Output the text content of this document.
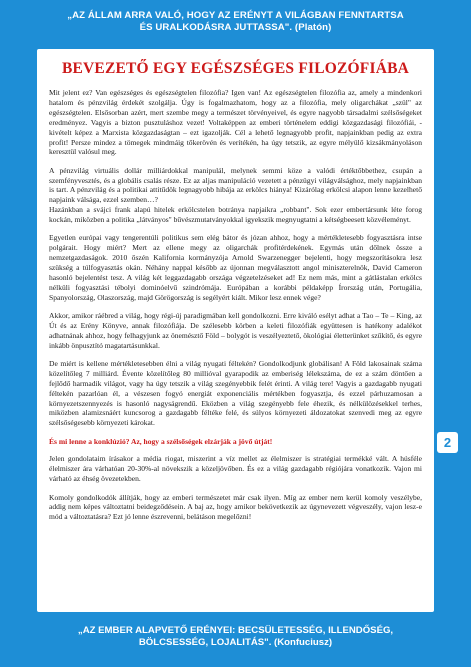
„AZ ÁLLAM ARRA VALÓ, HOGY AZ ERÉNYT A VILÁGBAN FENNTARTSA
ÉS URALKODÁSRA JUTTASSA". (Platón)
BEVEZETŐ EGY EGÉSZSÉGES FILOZÓFIÁBA

Mit jelent ez? Van egészséges és egészségtelen filozófia? Igen van! Az egészségtelen filozófia az, amely a mindenkori hatalom és pénzvilág érdekét szolgálja. Úgy is fogalmazhatom, hogy az a filozófia, mely oligarchákat „szül" az egészségtelen. Elsősorban azért, mert szembe megy a természet törvényeivel, és egyre nagyobb társadalmi szélsőségeket eredményez. Vagyis a bizton pusztuláshoz vezet! Voltaképpen az emberi történelem eddigi közgazdasági filozófiái, - kivételt képez a Marxista közgazdaságtan – ezt igazolják. Cél a lehető legnagyobb profit, napjainkban pedig az extra profit! Persze mindez a tömegek mindmáig tőkerövén és verítékén, ha úgy tetszik, az egyre mélyülő kizsákmányoláson keresztül valósul meg.

A pénzvilág virtuális dollár milliárdokkal manipulál, melynek semmi köze a valódi értéktőbbethez, csupán a szemfényvesztés, és a globális csalás része. Ez az aljas manipuláció vezetett a pénzügyi világválsághoz, mely napjainkban is tart. A pénzvilág és a politikai attitűdök legnagyobb hibája az erkölcs hiánya! Kizárólag erkölcsi alapon lenne kezelhető napjaink válsága, ezzel szemben…?
Hazánkban a svájci frank alapú hitelek erkölcstelen botránya napjaikra „robbant". Sok ezer embertársunk léte forog kockán, miközben a politika „látványos" bűvészmutatványokkal igyekszik megnyugtatni a kétségbeesett közvéleményt.

Egyetlen európai vagy tengerentúli politikus sem elég bátor és józan ahhoz, hogy a mértékletesebb fogyasztásra intse polgárait. Hogy miért? Mert az ellene megy az oligarchák profitérdekének. Egymás után dőlnek össze a nemzetgazdaságok. 2010 őszén Kalifornia kormányzója Arnold Swarzenegger bejelenti, hogy megszorításokra lesz szükség a túlfogyasztás okán. Néhány nappal később az újonnan megválasztott angol miniszterelnök, David Cameron hasonló bejelentést tesz. A világ két leggazdagabb országa végzetelzéseket ad! Ez nem más, mint a gátlástalan erkölcs nélküli fogyasztási tébolyi dominóelvű szindrómája. Európában a korábbi példaképp Írország után, Portugália, Spanyolország, Olaszország, majd Görögország is segélyért kiált. Mikor lesz ennek vége?

Akkor, amikor ráébred a világ, hogy régi-új paradigmában kell gondolkozni. Erre kiváló esélyt adhat a Tao – Te – King, az Út és az Erény Könyve, annak filozófiája. De szélesebb körben a keleti filozófiák együttesen is hatékony adalékot adhatnának ahhoz, hogy felhagyjunk az önemésztő Föld – bolygót is veszélyeztető, ökológiai életterünket szűkítő, és egyre inkább önpusztító magatartásunkkal.

De miért is kellene mértékletesebben élni a világ nyugati féltekén? Gondolkodjunk globálisan! A Föld lakosainak száma közelítőleg 7 milliárd. Évente közelítőleg 80 millióval gyarapodik az emberiség lélekszáma, de ez a szám döntően a fejlődő harmadik világot, vagy ha úgy tetszik a világ szegényebbik felét érinti. A világ tere! Vagyis a gazdagabb nyugati féltekén pazarlóan él, a vészesen fogyó energiát exponenciális mértékben fogyasztja, és ezzel párhuzamosan a környezetszennyezés is hasonló nagyságrendű. Eközben a világ szegényebb fele éhezik, és nélkülözésekkel terhes, miközben alamizsnáért kuncsorog a gazdagabb féltéke felé, és súlyos környezeti áldozatokat szenvedi meg az egyre szélsőségesebb környezeti károkat.

És mi lenne a konklúzió? Az, hogy a szélsőségek elzárják a jövő útját!

Jelen gondolataim írásakor a média riogat, miszerint a víz mellet az élelmiszer is stratégiai termékké vált. A húsféle élelmiszer ára várhatóan 20-30%-al növekszik a közeljövőben. És ez a világ gazdagabb régiójára vonatkozik. Vajon mi várható az éhség övezetekben.

Komoly gondolkodók állítják, hogy az emberi természetet már csak ilyen. Míg az ember nem kerül komoly veszélybe, addig nem képes változtatni beidegződésein. A baj az, hogy amikor bekövetkezik az úgynevezett végveszély, vajon lesz-e mód a változtatásra? Ezt jó lenne észrevenni, belátáson megelőzni!

2
„AZ EMBER ALAPVETŐ ERÉNYEI: BECSÜLETESSÉG, ILLENDŐSÉG,
BÖLCSESSÉG, LOJALITÁS". (Konfuciusz)
